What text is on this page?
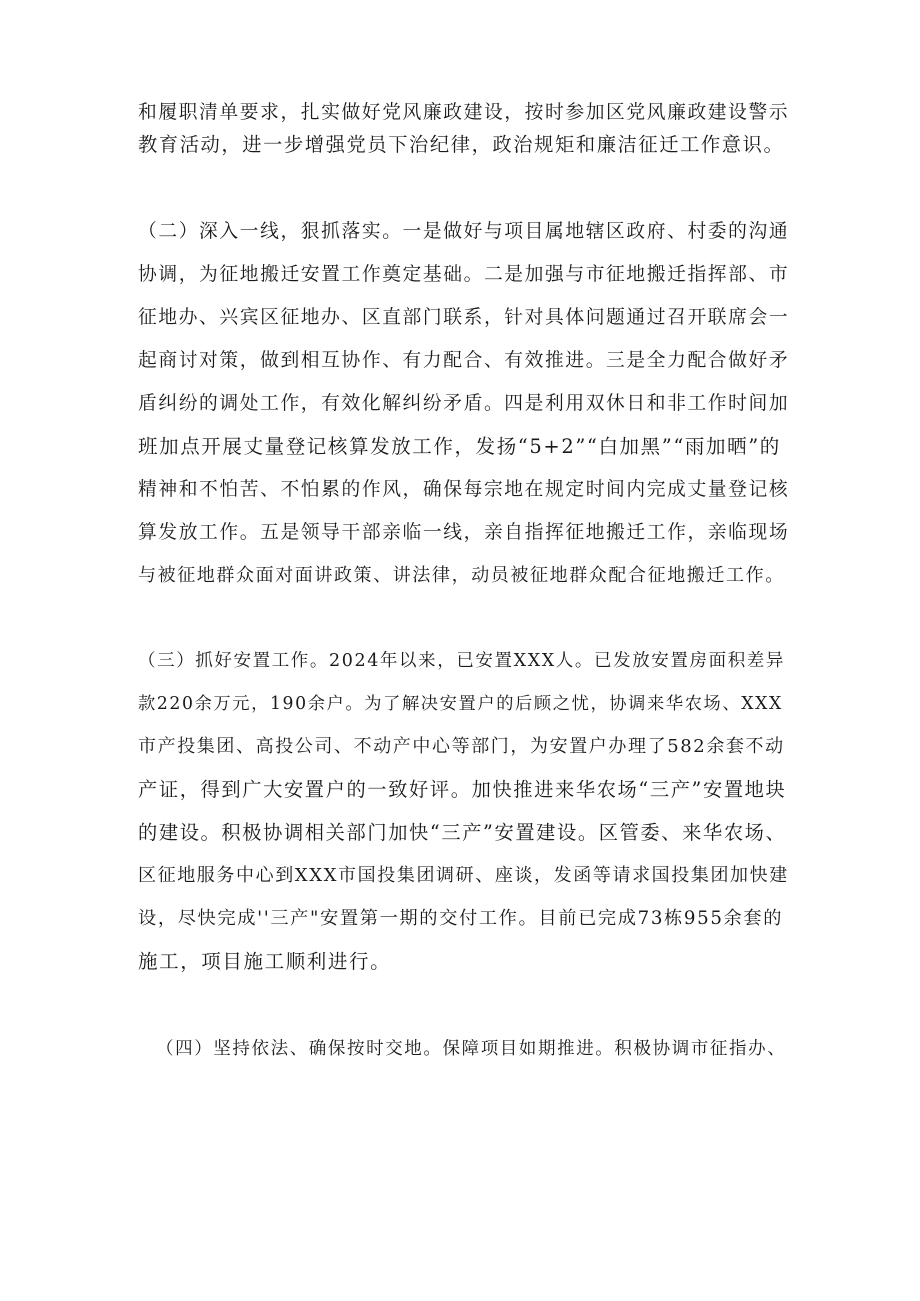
和履职清单要求，扎实做好党风廉政建设，按时参加区党风廉政建设警示
教育活动，进一步增强党员下治纪律，政治规矩和廉洁征迁工作意识。
（二）深入一线，狠抓落实。一是做好与项目属地辖区政府、村委的沟通
协调，为征地搬迁安置工作奠定基础。二是加强与市征地搬迁指挥部、市
征地办、兴宾区征地办、区直部门联系，针对具体问题通过召开联席会一
起商讨对策，做到相互协作、有力配合、有效推进。三是全力配合做好矛
盾纠纷的调处工作，有效化解纠纷矛盾。四是利用双休日和非工作时间加
班加点开展丈量登记核算发放工作，发扬“5+2”“白加黑”“雨加晒”的
精神和不怕苦、不怕累的作风，确保每宗地在规定时间内完成丈量登记核
算发放工作。五是领导干部亲临一线，亲自指挥征地搬迁工作，亲临现场
与被征地群众面对面讲政策、讲法律，动员被征地群众配合征地搬迁工作。
（三）抓好安置工作。2024年以来，已安置XXX人。已发放安置房面积差异
款220余万元，190余户。为了解决安置户的后顾之忧，协调来华农场、XXX
市产投集团、高投公司、不动产中心等部门，为安置户办理了582余套不动
产证，得到广大安置户的一致好评。加快推进来华农场“三产”安置地块
的建设。积极协调相关部门加快“三产”安置建设。区管委、来华农场、
区征地服务中心到XXX市国投集团调研、座谈，发函等请求国投集团加快建
设，尽快完成''三产"安置第一期的交付工作。目前已完成73栋955余套的
施工，项目施工顺利进行。
（四）坚持依法、确保按时交地。保障项目如期推进。积极协调市征指办、
